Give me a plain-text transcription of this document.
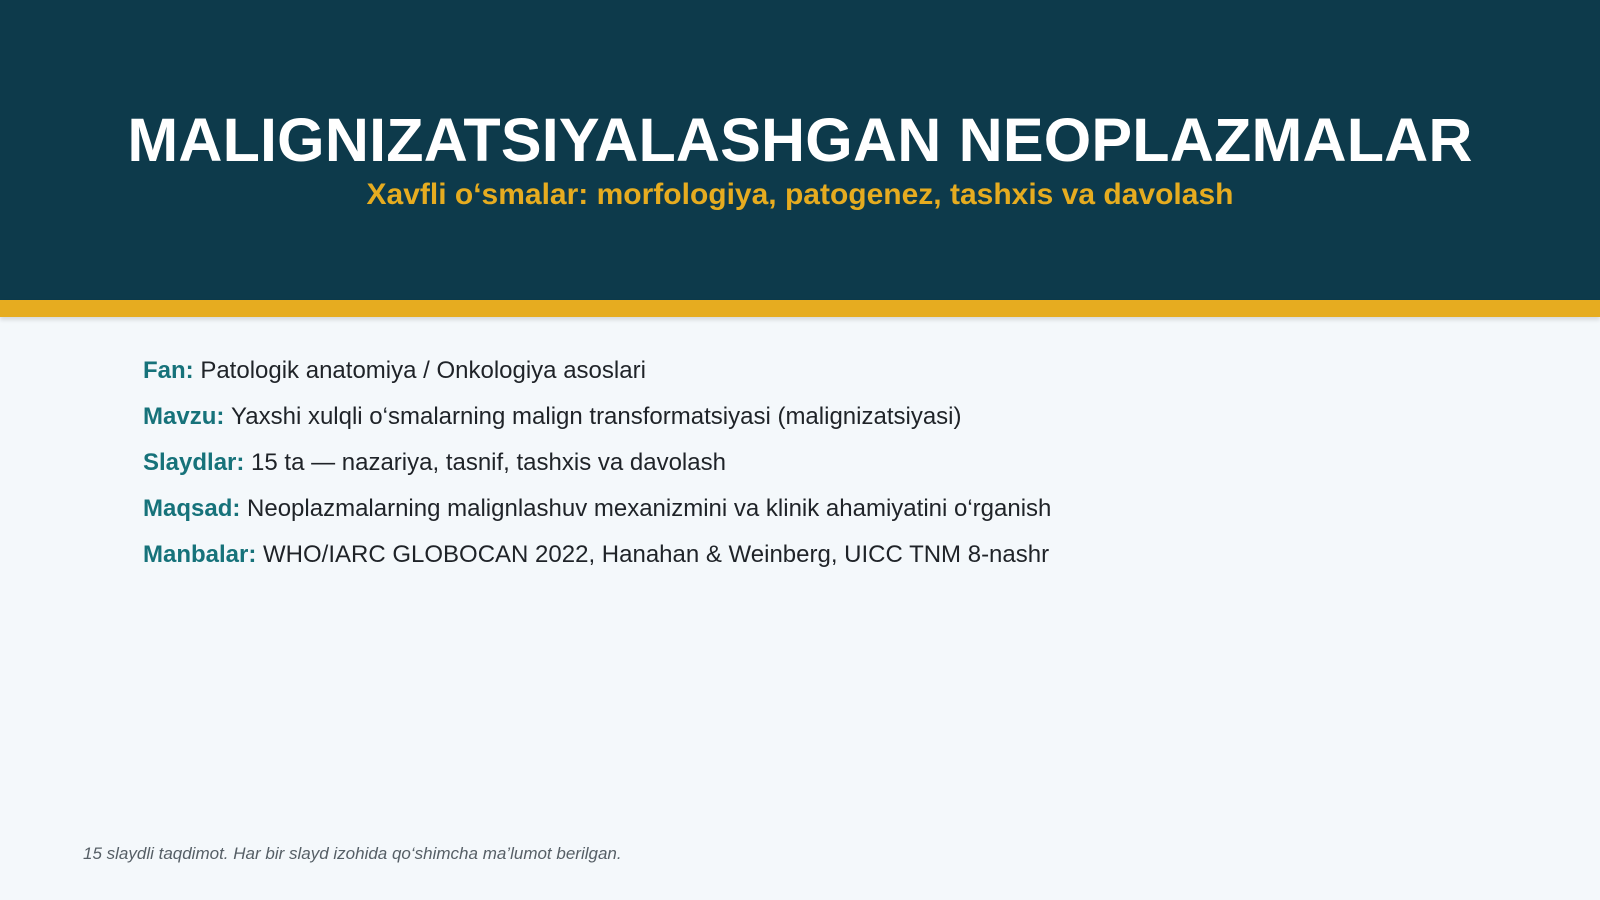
MALIGNIZATSIYALASHGAN NEOPLAZMALAR

Xavfli o‘smalar: morfologiya, patogenez, tashxis va davolash

Fan: Patologik anatomiya / Onkologiya asoslari
Mavzu: Yaxshi xulqli o‘smalarning malign transformatsiyasi (malignizatsiyasi)
Slaydlar: 15 ta — nazariya, tasnif, tashxis va davolash
Maqsad: Neoplazmalarning malignlashuv mexanizmini va klinik ahamiyatini o‘rganish
Manbalar: WHO/IARC GLOBOCAN 2022, Hanahan & Weinberg, UICC TNM 8-nashr
15 slaydli taqdimot. Har bir slayd izohida qo‘shimcha ma’lumot berilgan.
